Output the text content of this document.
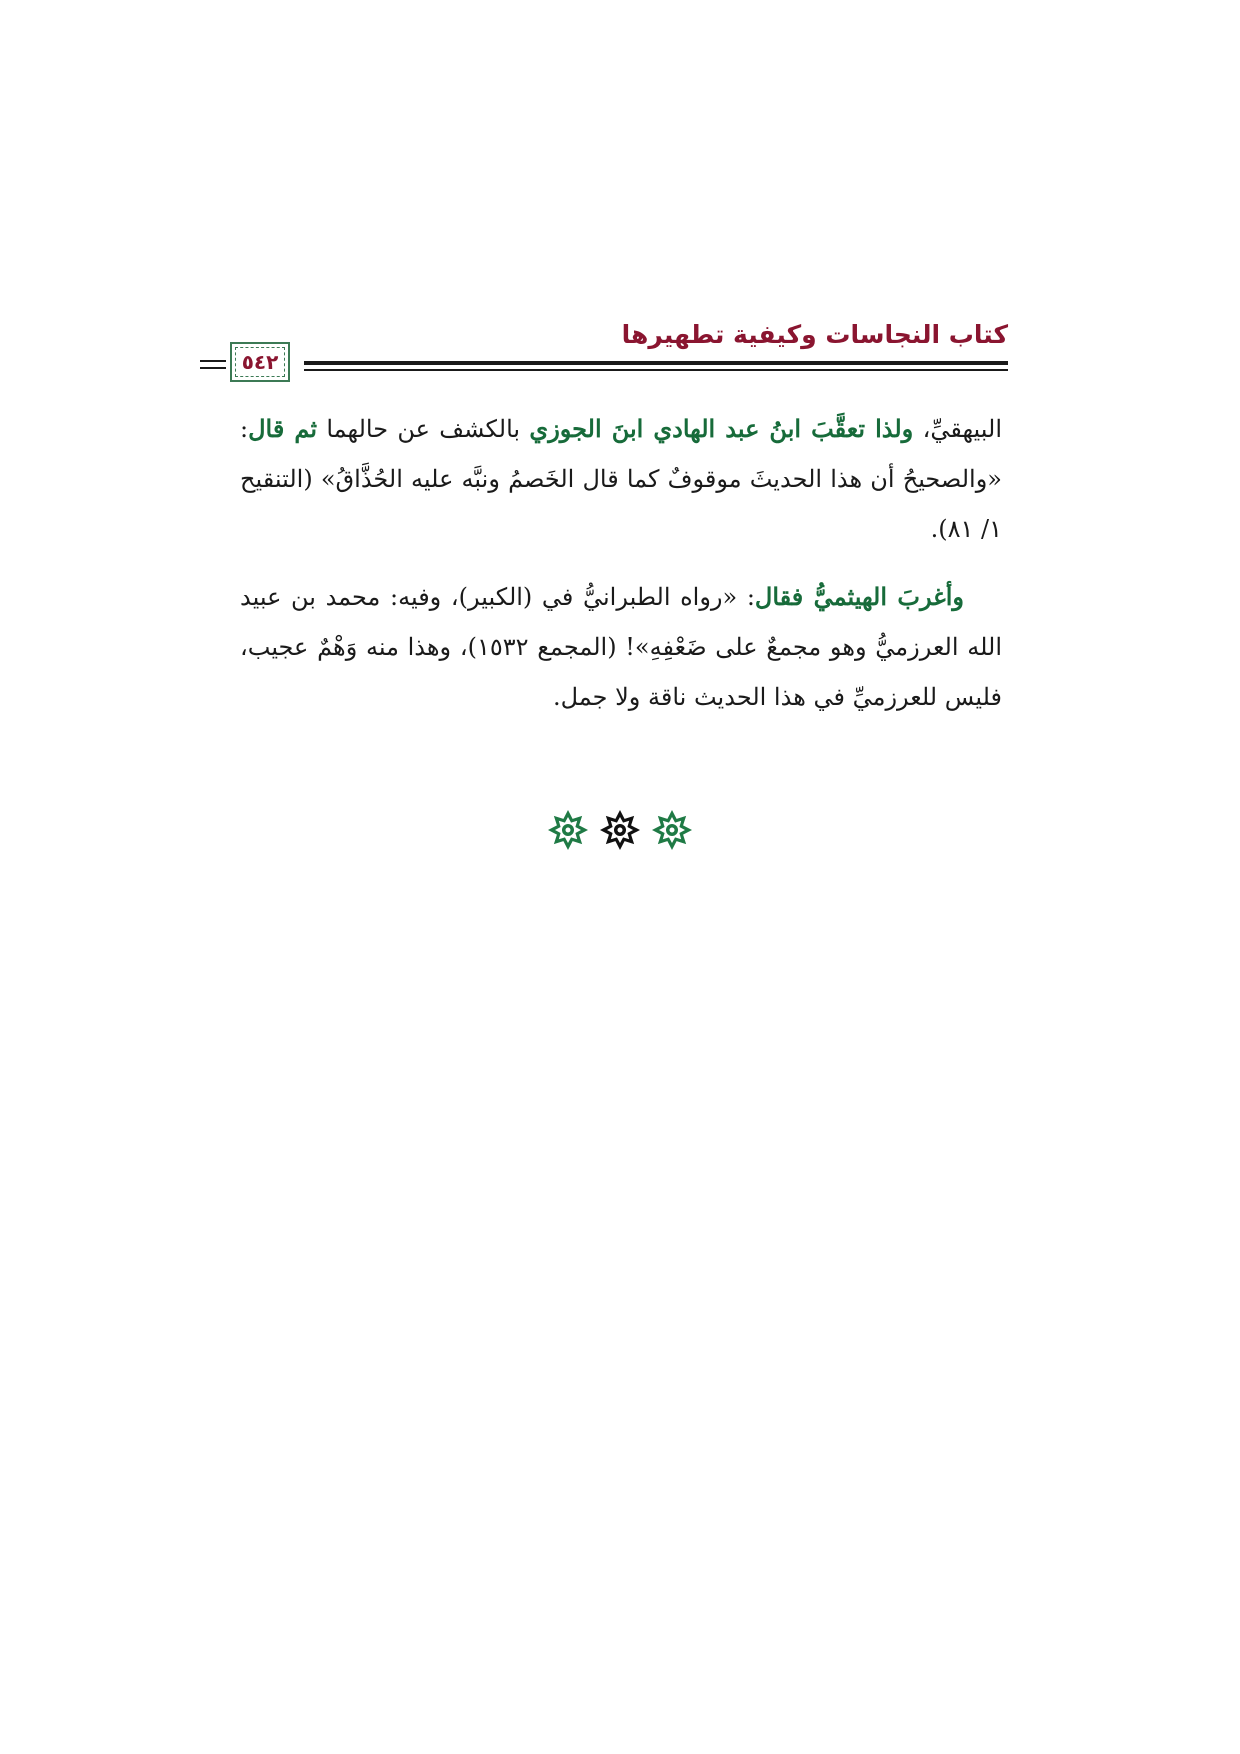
كتاب النجاسات وكيفية تطهيرها
٥٤٢

البيهقيِّ، ولذا تعقَّبَ ابنُ عبد الهادي ابنَ الجوزي بالكشف عن حالهما ثم قال: «والصحيحُ أن هذا الحديثَ موقوفٌ كما قال الخَصمُ ونبَّه عليه الحُذَّاقُ» (التنقيح ١/ ٨١).

وأغربَ الهيثميُّ فقال: «رواه الطبرانيُّ في (الكبير)، وفيه: محمد بن عبيد الله العرزميُّ وهو مجمعٌ على ضَعْفِهِ»! (المجمع ١٥٣٢)، وهذا منه وَهْمٌ عجيب، فليس للعرزميِّ في هذا الحديث ناقة ولا جمل.
